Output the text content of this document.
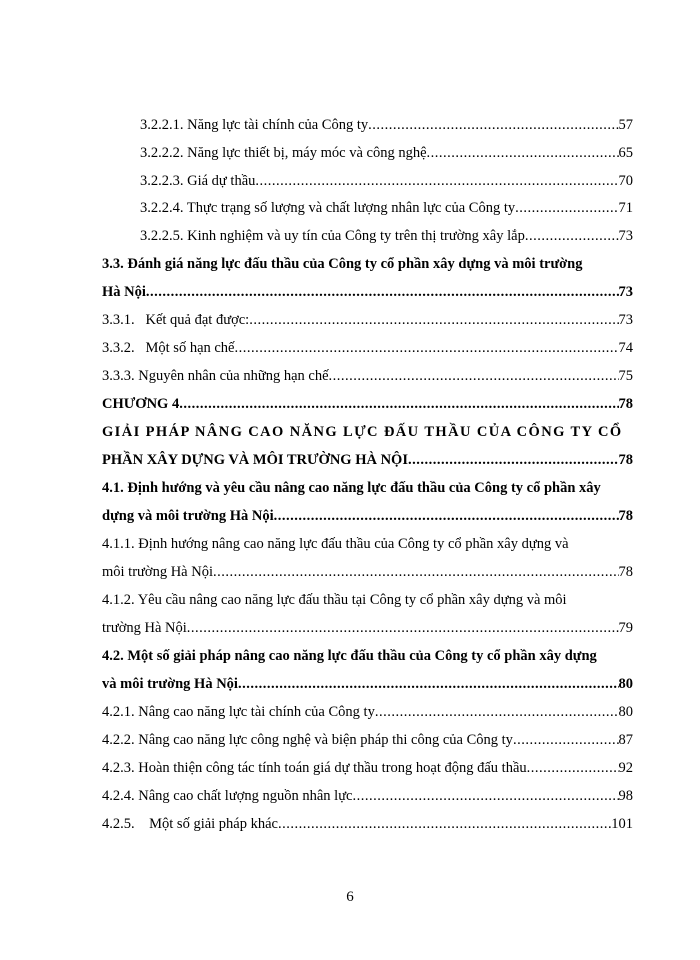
3.2.2.1. Năng lực tài chính của Công ty .....	57
3.2.2.2. Năng lực thiết bị, máy móc và công nghệ .....	65
3.2.2.3. Giá dự thầu .....	70
3.2.2.4. Thực trạng số lượng và chất lượng nhân lực của Công ty .....	71
3.2.2.5. Kinh nghiệm và uy tín của Công ty trên thị trường xây lắp .....	73
3.3. Đánh giá năng lực đấu thầu của Công ty cổ phần xây dựng và môi trường
Hà Nội .....	73
3.3.1.   Kết quả đạt được: .....	73
3.3.2.   Một số hạn chế .....	74
3.3.3. Nguyên nhân của những hạn chế .....	75
CHƯƠNG 4 .....	78
GIẢI PHÁP NÂNG CAO NĂNG LỰC ĐẤU THẦU CỦA CÔNG TY CỔ
PHẦN XÂY DỰNG VÀ MÔI TRƯỜNG HÀ NỘI .....	78
4.1. Định hướng và yêu cầu nâng cao năng lực đấu thầu của Công ty cổ phần xây
dựng và môi trường Hà Nội .....	78
4.1.1. Định hướng nâng cao năng lực đấu thầu của Công ty cổ phần xây dựng và
môi trường Hà Nội .....	78
4.1.2. Yêu cầu nâng cao năng lực đấu thầu tại Công ty cổ phần xây dựng và môi
trường Hà Nội .....	79
4.2. Một số giải pháp nâng cao năng lực đấu thầu của Công ty cổ phần xây dựng
và môi trường Hà Nội .....	80
4.2.1. Nâng cao năng lực tài chính của Công ty .....	80
4.2.2. Nâng cao năng lực công nghệ và biện pháp thi công của Công ty .....	87
4.2.3. Hoàn thiện công tác tính toán giá dự thầu trong hoạt động đấu thầu .....	92
4.2.4. Nâng cao chất lượng nguồn nhân lực .....	98
4.2.5.    Một số giải pháp khác .....	101
6
